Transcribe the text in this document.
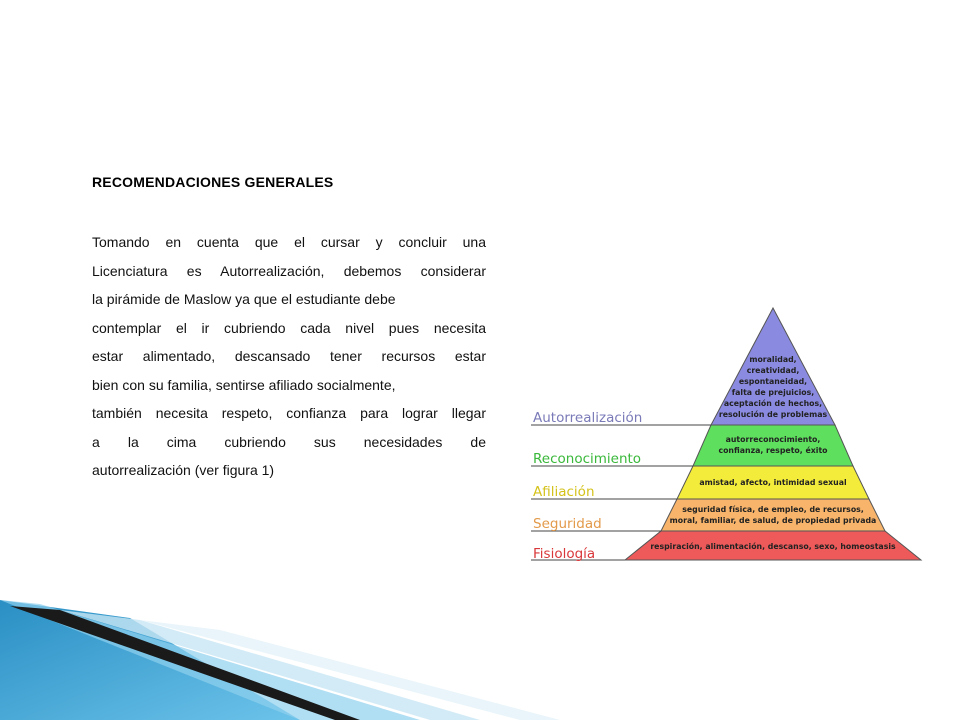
RECOMENDACIONES GENERALES
Tomando en cuenta que el cursar y concluir una
Licenciatura es Autorrealización, debemos considerar
la pirámide de Maslow ya que el estudiante debe
contemplar el ir cubriendo cada nivel pues necesita
estar alimentado, descansado tener recursos estar
bien con su familia, sentirse afiliado socialmente,
también necesita respeto, confianza para lograr llegar
a la cima cubriendo sus necesidades de
autorrealización (ver figura 1)
Autorrealización
Reconocimiento
Afiliación
Seguridad
Fisiología
moralidad,
creatividad,
espontaneidad,
falta de prejuicios,
aceptación de hechos,
resolución de problemas
autorreconocimiento,
confianza, respeto, éxito
amistad, afecto, intimidad sexual
seguridad física, de empleo, de recursos,
moral, familiar, de salud, de propiedad privada
respiración, alimentación, descanso, sexo, homeostasis
